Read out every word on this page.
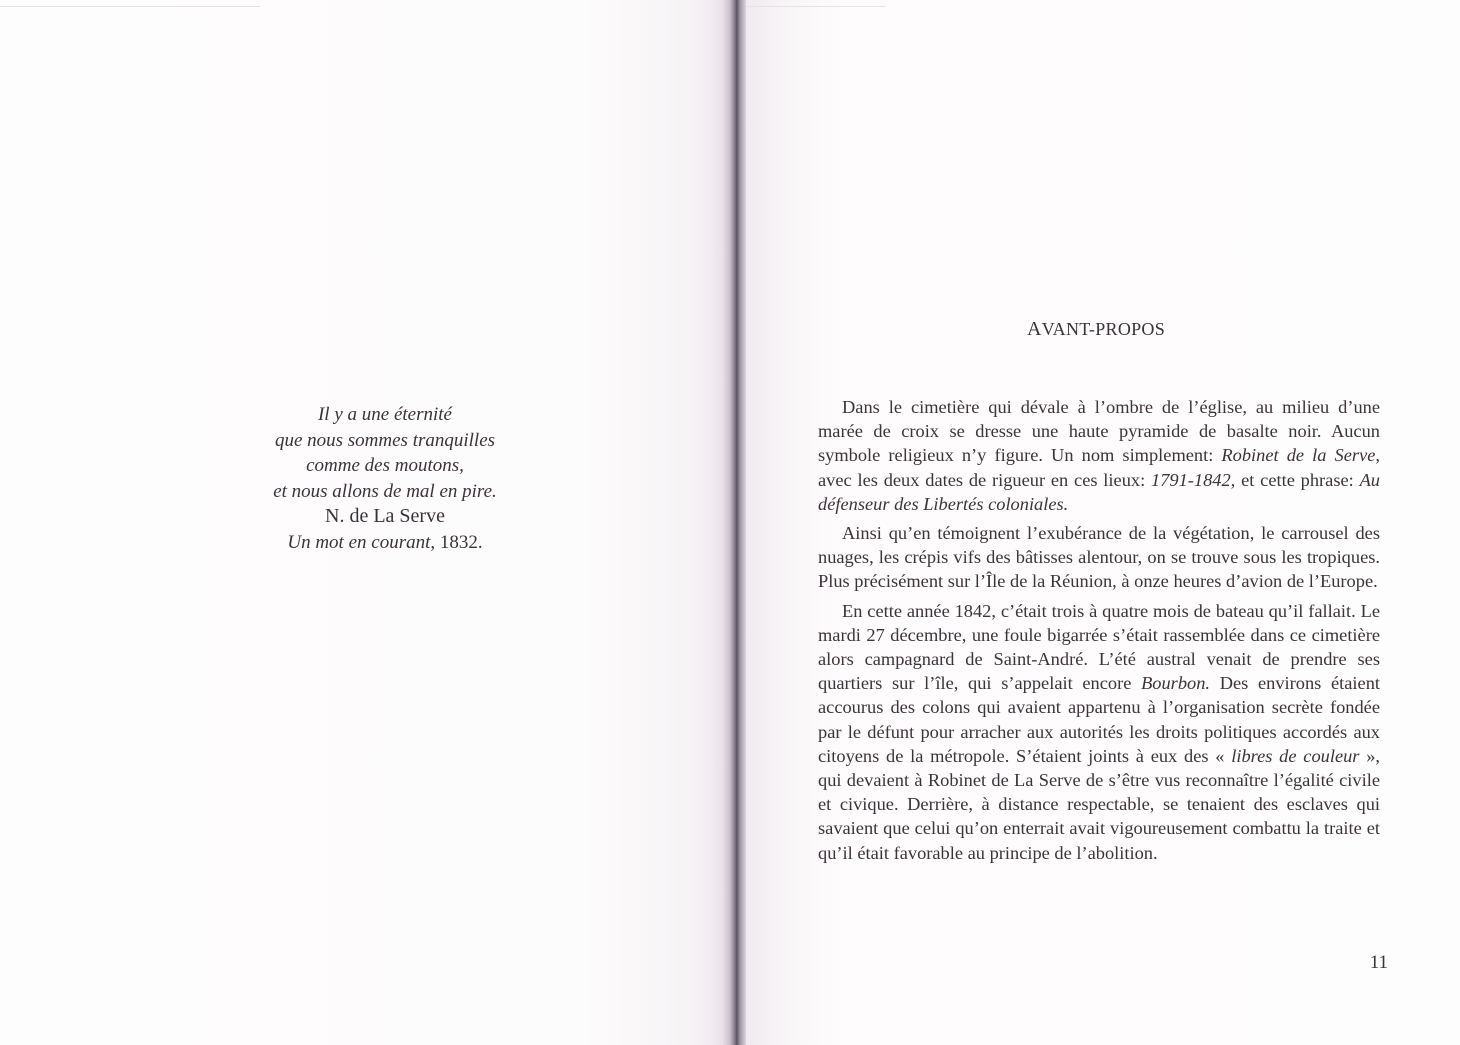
Il y a une éternité
que nous sommes tranquilles
comme des moutons,
et nous allons de mal en pire.
N. de La Serve
Un mot en courant, 1832.
AVANT-PROPOS

Dans le cimetière qui dévale à l’ombre de l’église, au milieu d’une marée de croix se dresse une haute pyramide de basalte noir. Aucun symbole religieux n’y figure. Un nom simplement: Robinet de la Serve, avec les deux dates de rigueur en ces lieux: 1791-1842, et cette phrase: Au défenseur des Libertés coloniales.

Ainsi qu’en témoignent l’exubérance de la végétation, le carrousel des nuages, les crépis vifs des bâtisses alentour, on se trouve sous les tropiques. Plus précisément sur l’Île de la Réunion, à onze heures d’avion de l’Europe.

En cette année 1842, c’était trois à quatre mois de bateau qu’il fallait. Le mardi 27 décembre, une foule bigarrée s’était rassemblée dans ce cimetière alors campagnard de Saint-André. L’été austral venait de prendre ses quartiers sur l’île, qui s’appelait encore Bourbon. Des environs étaient accourus des colons qui avaient appartenu à l’organisation secrète fondée par le défunt pour arracher aux autorités les droits politiques accordés aux citoyens de la métropole. S’étaient joints à eux des « libres de couleur », qui devaient à Robinet de La Serve de s’être vus reconnaître l’égalité civile et civique. Derrière, à distance respectable, se tenaient des esclaves qui savaient que celui qu’on enterrait avait vigoureusement combattu la traite et qu’il était favorable au principe de l’abolition.

11
